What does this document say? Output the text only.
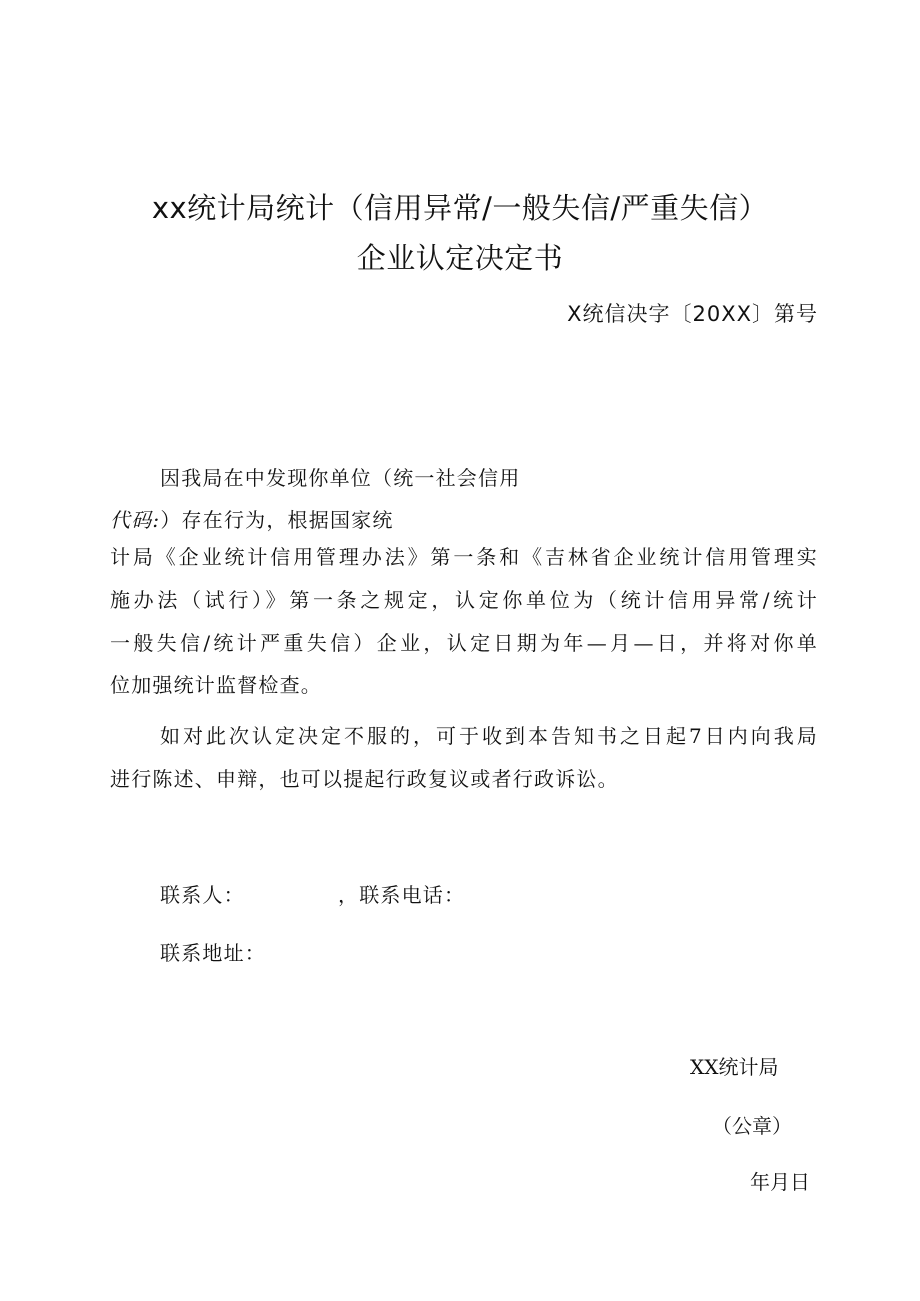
xx统计局统计（信用异常/一般失信/严重失信）
企业认定决定书
X统信决字〔20XX〕第号
因我局在中发现你单位（统一社会信用
代码:）存在行为，根据国家统
计局《企业统计信用管理办法》第一条和《吉林省企业统计信用管理实
施办法（试行）》第一条之规定，认定你单位为（统计信用异常/统计
一般失信/统计严重失信）企业，认定日期为年—月—日，并将对你单
位加强统计监督检查。
如对此次认定决定不服的，可于收到本告知书之日起7日内向我局
进行陈述、申辩，也可以提起行政复议或者行政诉讼。
联系人：	，联系电话：
联系地址：
XX统计局
（公章）
年月日
